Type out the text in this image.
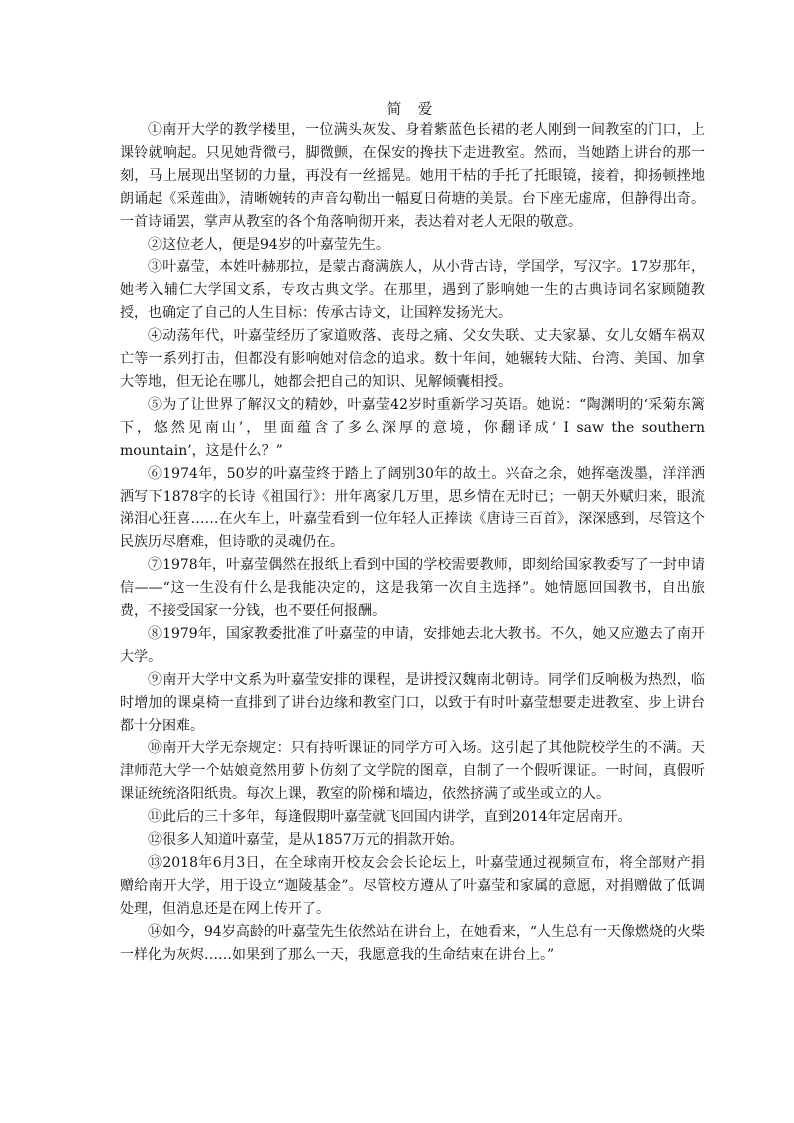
简 爱

①南开大学的教学楼里，一位满头灰发、身着紫蓝色长裙的老人刚到一间教室的门口，上课铃就响起。只见她背微弓，脚微颤，在保安的搀扶下走进教室。然而，当她踏上讲台的那一刻，马上展现出坚韧的力量，再没有一丝摇晃。她用干枯的手托了托眼镜，接着，抑扬顿挫地朗诵起《采莲曲》，清晰婉转的声音勾勒出一幅夏日荷塘的美景。台下座无虚席，但静得出奇。一首诗诵罢，掌声从教室的各个角落响彻开来，表达着对老人无限的敬意。

②这位老人，便是94岁的叶嘉莹先生。

③叶嘉莹，本姓叶赫那拉，是蒙古裔满族人，从小背古诗，学国学，写汉字。17岁那年，她考入辅仁大学国文系，专攻古典文学。在那里，遇到了影响她一生的古典诗词名家顾随教授，也确定了自己的人生目标：传承古诗文，让国粹发扬光大。

④动荡年代，叶嘉莹经历了家道败落、丧母之痛、父女失联、丈夫家暴、女儿女婿车祸双亡等一系列打击，但都没有影响她对信念的追求。数十年间，她辗转大陆、台湾、美国、加拿大等地，但无论在哪儿，她都会把自己的知识、见解倾囊相授。

⑤为了让世界了解汉文的精妙，叶嘉莹42岁时重新学习英语。她说：“陶渊明的‘采菊东篱下，悠然见南山’，里面蕴含了多么深厚的意境，你翻译成‘ I saw the southern mountain’，这是什么？”

⑥1974年，50岁的叶嘉莹终于踏上了阔别30年的故土。兴奋之余，她挥毫泼墨，洋洋洒洒写下1878字的长诗《祖国行》：卅年离家几万里，思乡情在无时已；一朝天外赋归来，眼流涕泪心狂喜……在火车上，叶嘉莹看到一位年轻人正捧读《唐诗三百首》，深深感到，尽管这个民族历尽磨难，但诗歌的灵魂仍在。

⑦1978年，叶嘉莹偶然在报纸上看到中国的学校需要教师，即刻给国家教委写了一封申请信——“这一生没有什么是我能决定的，这是我第一次自主选择”。她情愿回国教书，自出旅费，不接受国家一分钱，也不要任何报酬。

⑧1979年，国家教委批准了叶嘉莹的申请，安排她去北大教书。不久，她又应邀去了南开大学。

⑨南开大学中文系为叶嘉莹安排的课程，是讲授汉魏南北朝诗。同学们反响极为热烈，临时增加的课桌椅一直排到了讲台边缘和教室门口，以致于有时叶嘉莹想要走进教室、步上讲台都十分困难。

⑩南开大学无奈规定：只有持听课证的同学方可入场。这引起了其他院校学生的不满。天津师范大学一个姑娘竟然用萝卜仿刻了文学院的图章，自制了一个假听课证。一时间，真假听课证统统洛阳纸贵。每次上课，教室的阶梯和墙边，依然挤满了或坐或立的人。

⑪此后的三十多年，每逢假期叶嘉莹就飞回国内讲学，直到2014年定居南开。

⑫很多人知道叶嘉莹，是从1857万元的捐款开始。

⑬2018年6月3日，在全球南开校友会会长论坛上，叶嘉莹通过视频宣布，将全部财产捐赠给南开大学，用于设立“迦陵基金”。尽管校方遵从了叶嘉莹和家属的意愿，对捐赠做了低调处理，但消息还是在网上传开了。

⑭如今，94岁高龄的叶嘉莹先生依然站在讲台上，在她看来，“人生总有一天像燃烧的火柴一样化为灰烬……如果到了那么一天，我愿意我的生命结束在讲台上。”
